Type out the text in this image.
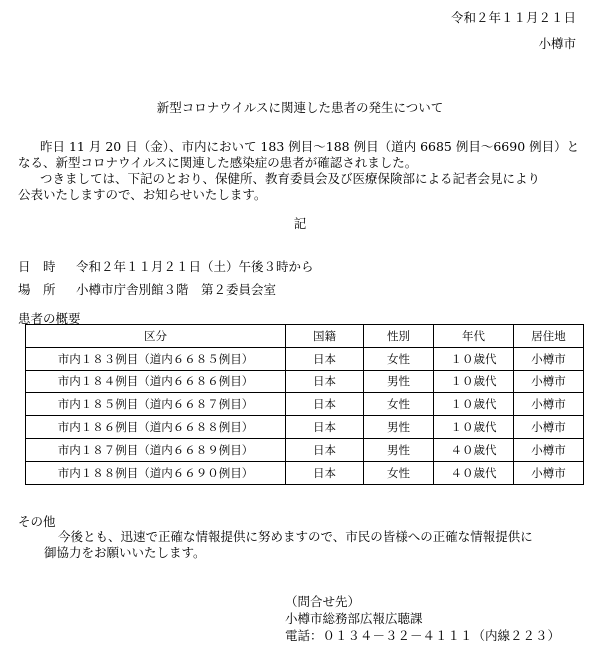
令和２年１１月２１日
小樽市
新型コロナウイルスに関連した患者の発生について
昨日 11 月 20 日（金）、市内において 183 例目～188 例目（道内 6685 例目～6690 例目）と
なる、新型コロナウイルスに関連した感染症の患者が確認されました。
つきましては、下記のとおり、保健所、教育委員会及び医療保険部による記者会見により
公表いたしますので、お知らせいたします。
記
日　時 令和２年１１月２１日（土）午後３時から
場　所 小樽市庁舎別館３階　第２委員会室
患者の概要
区分	国籍	性別	年代	居住地
市内１８３例目（道内６６８５例目）	日本	女性	１０歳代	小樽市
市内１８４例目（道内６６８６例目）	日本	男性	１０歳代	小樽市
市内１８５例目（道内６６８７例目）	日本	女性	１０歳代	小樽市
市内１８６例目（道内６６８８例目）	日本	男性	１０歳代	小樽市
市内１８７例目（道内６６８９例目）	日本	男性	４０歳代	小樽市
市内１８８例目（道内６６９０例目）	日本	女性	４０歳代	小樽市
その他
今後とも、迅速で正確な情報提供に努めますので、市民の皆様への正確な情報提供に
御協力をお願いいたします。
（問合せ先）
小樽市総務部広報広聴課
電話：０１３４－３２－４１１１（内線２２３）
